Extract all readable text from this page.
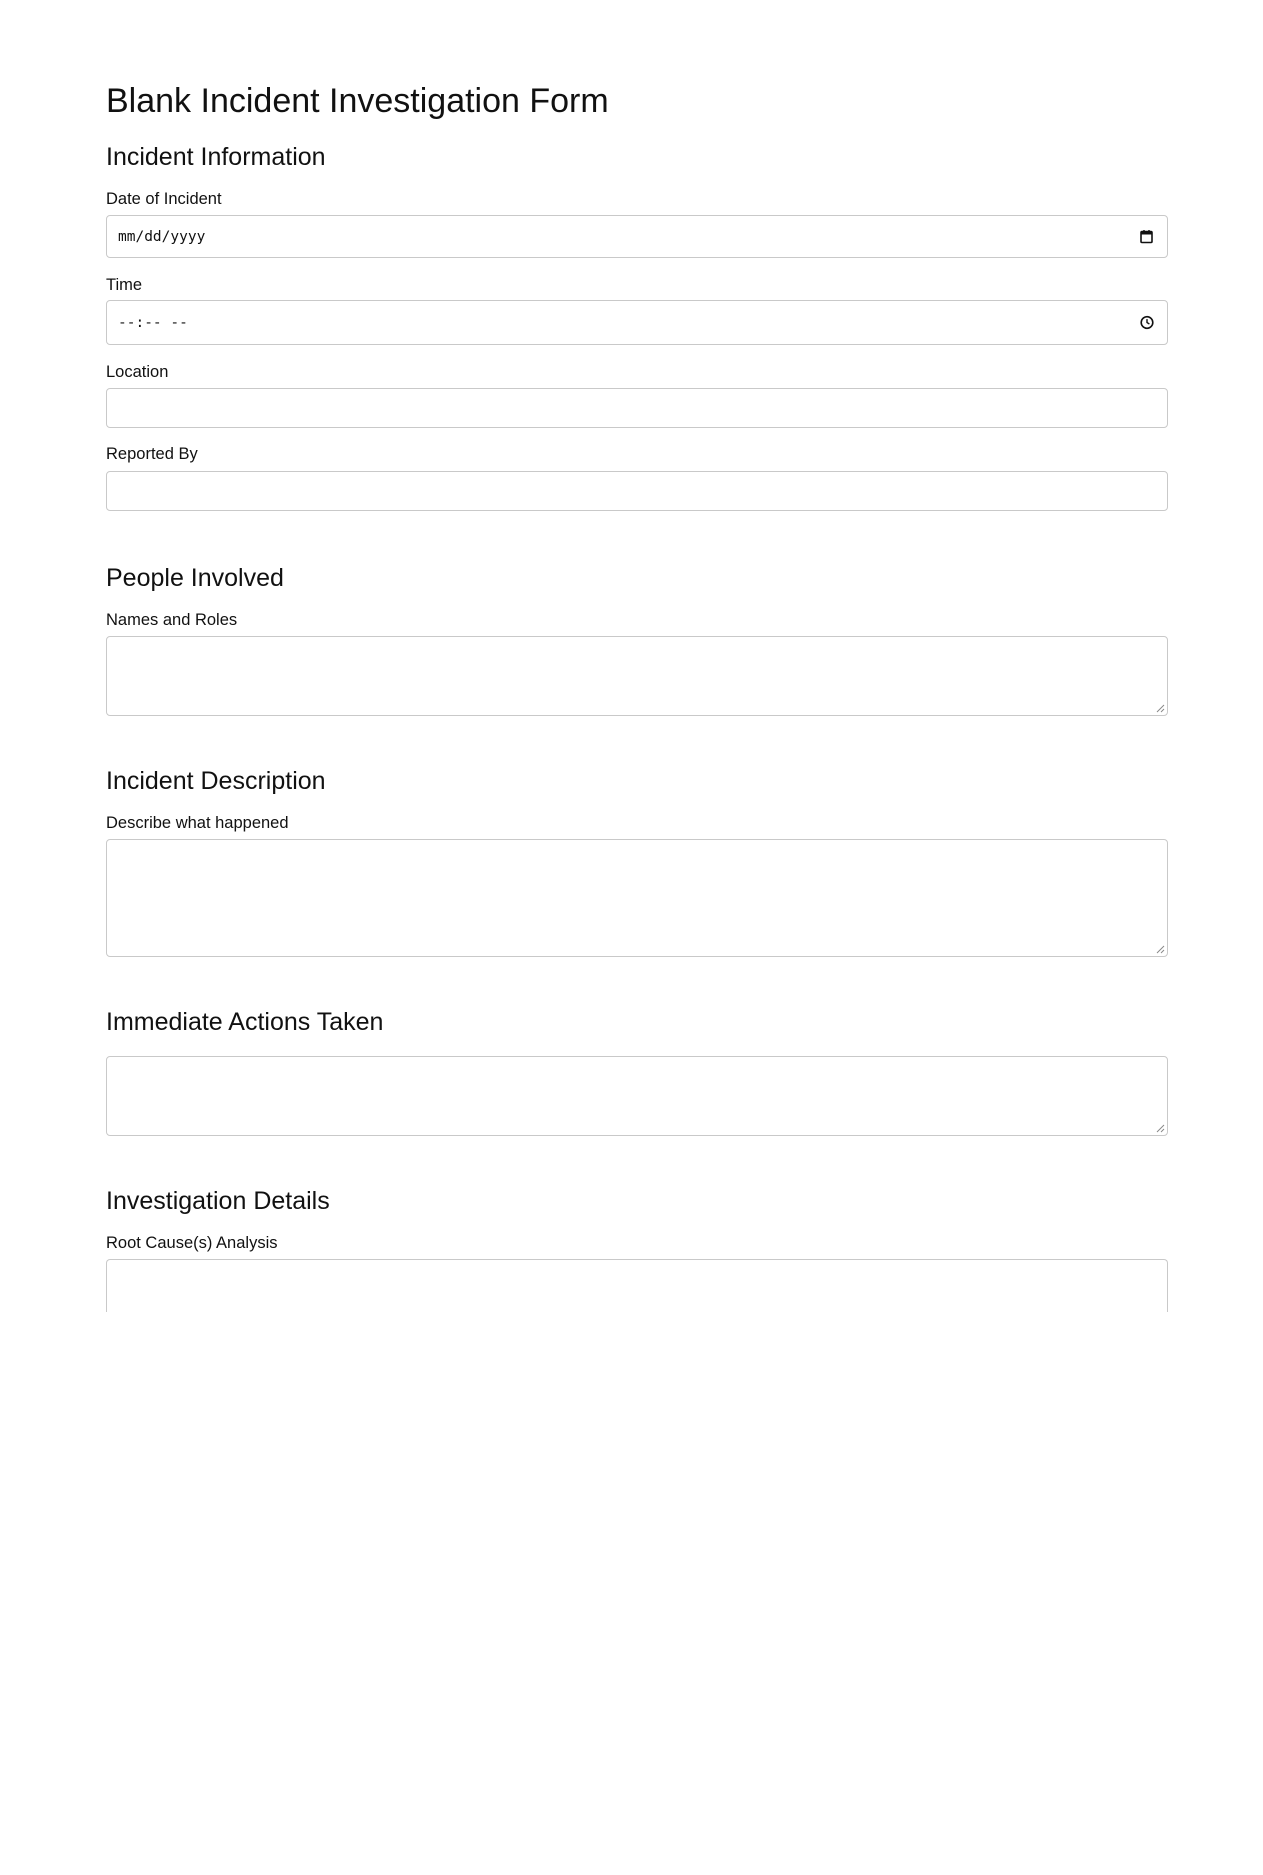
Blank Incident Investigation Form
Incident Information
Date of Incident
mm/dd/yyyy
Time
--:-- --
Location
Reported By
People Involved
Names and Roles
Incident Description
Describe what happened
Immediate Actions Taken
Investigation Details
Root Cause(s) Analysis
